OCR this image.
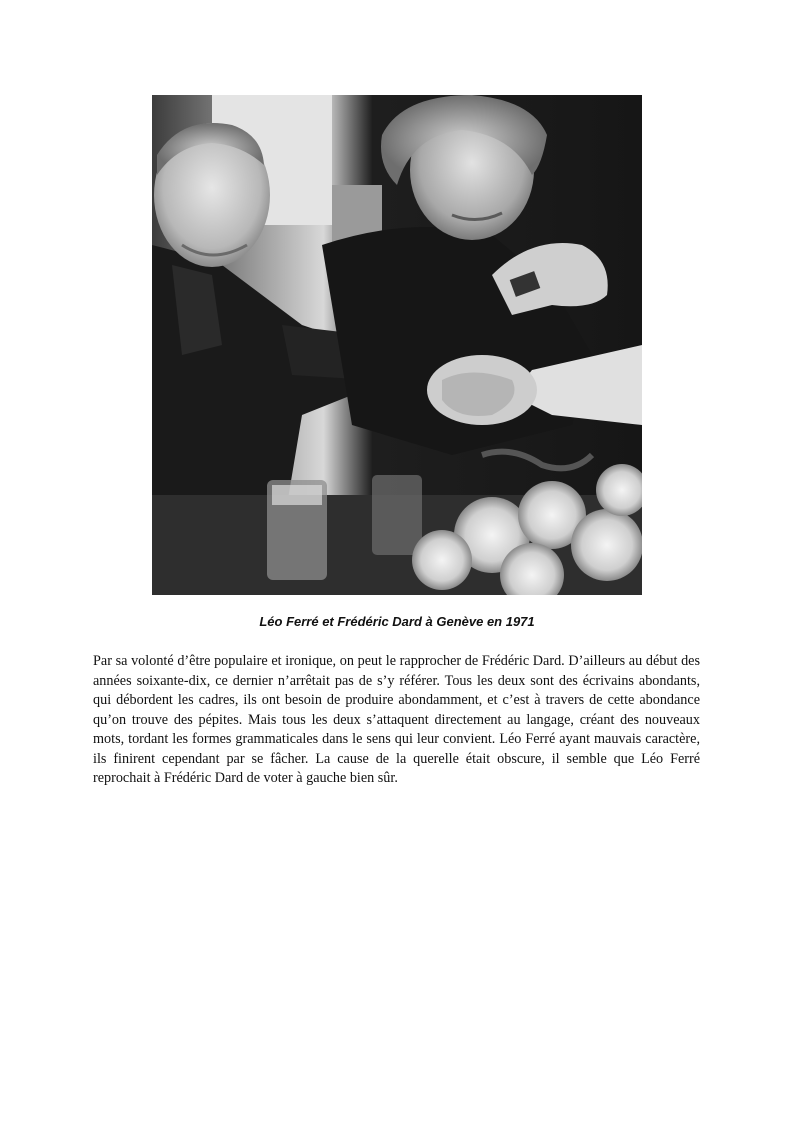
Léo Ferré et Frédéric Dard à Genève en 1971

Par sa volonté d’être populaire et ironique, on peut le rapprocher de Frédéric Dard. D’ailleurs au début des années soixante-dix, ce dernier n’arrêtait pas de s’y référer. Tous les deux sont des écrivains abondants, qui débordent les cadres, ils ont besoin de produire abondamment, et c’est à travers de cette abondance qu’on trouve des pépites. Mais tous les deux s’attaquent directement au langage, créant des nouveaux mots, tordant les formes grammaticales dans le sens qui leur convient. Léo Ferré ayant mauvais caractère, ils finirent cependant par se fâcher. La cause de la querelle était obscure, il semble que Léo Ferré reprochait à Frédéric Dard de voter à gauche bien sûr.
